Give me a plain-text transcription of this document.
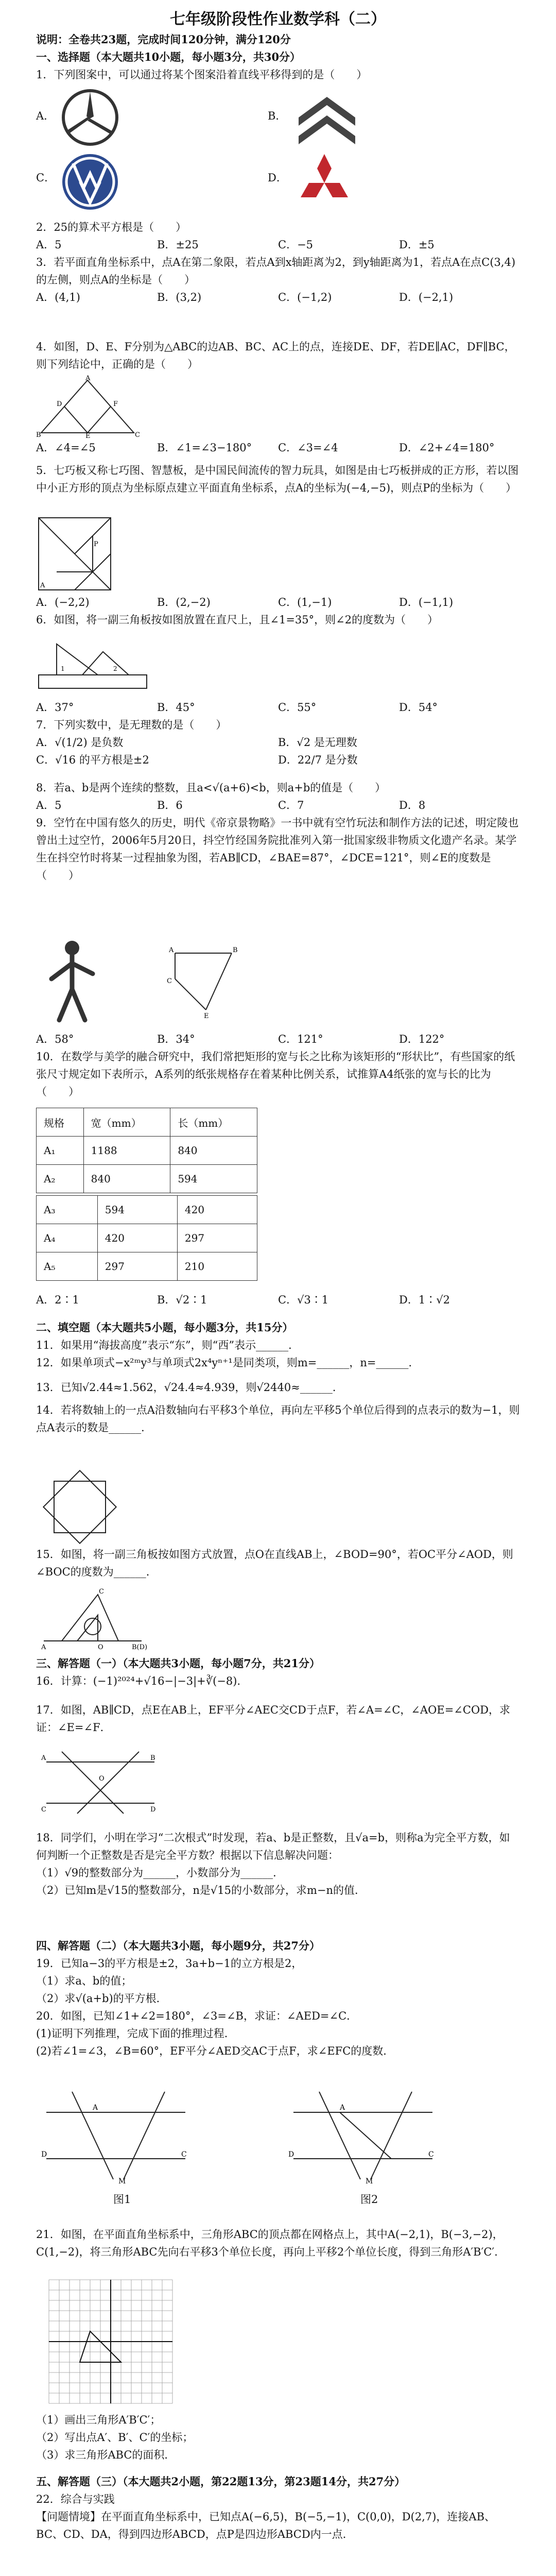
七年级阶段性作业数学科（二）

说明：全卷共23题，完成时间120分钟，满分120分

一、选择题（本大题共10小题，每小题3分，共30分）

1．下列图案中，可以通过将某个图案沿着直线平移得到的是（　　）

A．	B．
C．	D．

2．25的算术平方根是（　　）

A．5	B．±25	C．−5	D．±5

3．若平面直角坐标系中，点A在第二象限，若点A到x轴距离为2，到y轴距离为1，若点A在点C(3,4)的左侧，则点A的坐标是（　　）

A．(4,1)	B．(3,2)	C．(−1,2)	D．(−2,1)

4．如图，D、E、F分别为△ABC的边AB、BC、AC上的点，连接DE、DF，若DE∥AC，DF∥BC，则下列结论中，正确的是（　　）

A
B	C
D	F
E
A．∠4=∠5	B．∠1=∠3−180°	C．∠3=∠4	D．∠2+∠4=180°

5．七巧板又称七巧图、智慧板，是中国民间流传的智力玩具，如图是由七巧板拼成的正方形，若以图中小正方形的顶点为坐标原点建立平面直角坐标系，点A的坐标为(−4,−5)，则点P的坐标为（　　）

P
A
A．(−2,2)	B．(2,−2)	C．(1,−1)	D．(−1,1)

6．如图，将一副三角板按如图放置在直尺上，且∠1=35°，则∠2的度数为（　　）

1	2
A．37°	B．45°	C．55°	D．54°

7．下列实数中，是无理数的是（　　）

A．√(1/2) 是负数	B．√2 是无理数
C．√16 的平方根是±2	D．22/7 是分数

8．若a、b是两个连续的整数，且a<√(a+6)<b，则a+b的值是（　　）

A．5	B．6	C．7	D．8

9．空竹在中国有悠久的历史，明代《帝京景物略》一书中就有空竹玩法和制作方法的记述，明定陵也曾出土过空竹，2006年5月20日，抖空竹经国务院批准列入第一批国家级非物质文化遗产名录。某学生在抖空竹时将某一过程抽象为图，若AB∥CD，∠BAE=87°，∠DCE=121°，则∠E的度数是（　　）

A	B
C
E
A．58°	B．34°	C．121°	D．122°

10．在数学与美学的融合研究中，我们常把矩形的宽与长之比称为该矩形的“形状比”，有些国家的纸张尺寸规定如下表所示，A系列的纸张规格存在着某种比例关系，试推算A4纸张的宽与长的比为（　　）

规格	宽（mm）	长（mm）
A₁	1188	840
A₂	840	594
A₃	594	420
A₄	420	297
A₅	297	210
A．2∶1	B．√2∶1	C．√3∶1	D．1∶√2

二、填空题（本大题共5小题，每小题3分，共15分）

11．如果用“海拔高度”表示“东”，则“西”表示______．

12．如果单项式−x²ᵐy³与单项式2x⁴yⁿ⁺¹是同类项，则m=______，n=______．

13．已知√2.44≈1.562，√24.4≈4.939，则√2440≈______．

14．若将数轴上的一点A沿数轴向右平移3个单位，再向左平移5个单位后得到的点表示的数为−1，则点A表示的数是______．

15．如图，将一副三角板按如图方式放置，点O在直线AB上，∠BOD=90°，若OC平分∠AOD，则∠BOC的度数为______．

A	O	B(D)
C

三、解答题（一）（本大题共3小题，每小题7分，共21分）

16．计算：(−1)²⁰²⁴+√16−|−3|+∛(−8)．

17．如图，AB∥CD，点E在AB上，EF平分∠AEC交CD于点F，若∠A=∠C，∠AOE=∠COD，求证：∠E=∠F．

A	B
C	D
O

18．同学们，小明在学习“二次根式”时发现，若a、b是正整数，且√a=b，则称a为完全平方数，如何判断一个正整数是否是完全平方数？根据以下信息解决问题：

（1）√9的整数部分为______，小数部分为______．

（2）已知m是√15的整数部分，n是√15的小数部分，求m−n的值．

四、解答题（二）（本大题共3小题，每小题9分，共27分）

19．已知a−3的平方根是±2，3a+b−1的立方根是2，

（1）求a、b的值；

（2）求√(a+b)的平方根．

20．如图，已知∠1+∠2=180°，∠3=∠B，求证：∠AED=∠C．

(1)证明下列推理，完成下面的推理过程．

(2)若∠1=∠3，∠B=60°，EF平分∠AED交AC于点F，求∠EFC的度数．

A
D	C
M
A
D	C
M
图1	图2

21．如图，在平面直角坐标系中，三角形ABC的顶点都在网格点上，其中A(−2,1)，B(−3,−2)，C(1,−2)，将三角形ABC先向右平移3个单位长度，再向上平移2个单位长度，得到三角形A′B′C′．

（1）画出三角形A′B′C′；

（2）写出点A′、B′、C′的坐标；

（3）求三角形ABC的面积．

五、解答题（三）（本大题共2小题，第22题13分，第23题14分，共27分）

22．综合与实践

【问题情境】在平面直角坐标系中，已知点A(−6,5)，B(−5,−1)，C(0,0)，D(2,7)，连接AB、BC、CD、DA，得到四边形ABCD，点P是四边形ABCD内一点．
